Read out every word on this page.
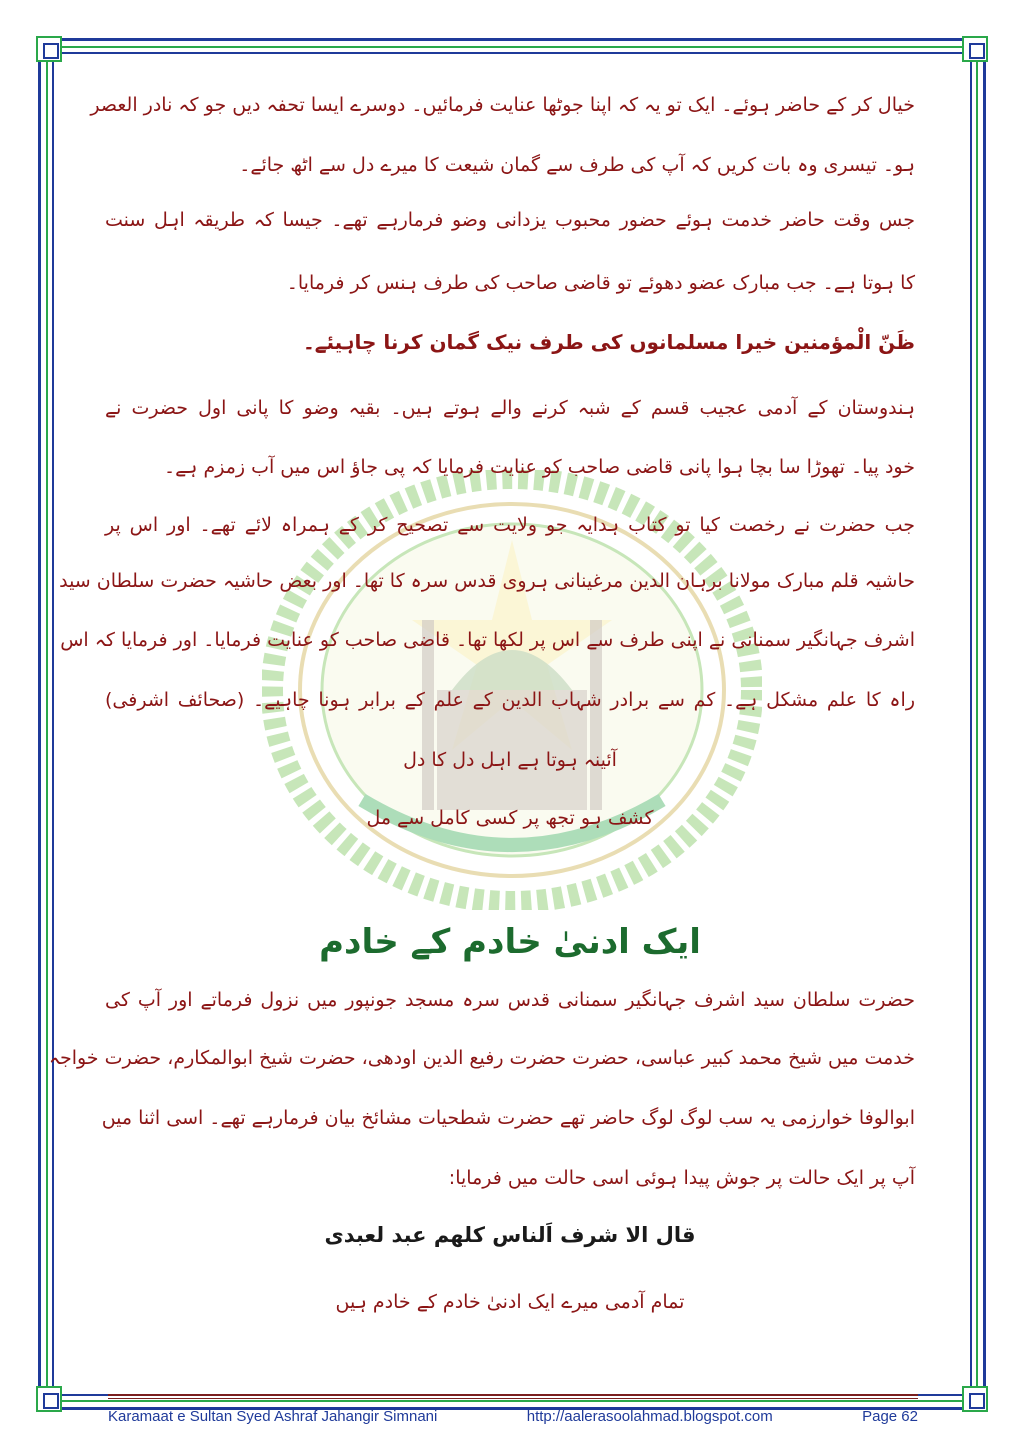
خیال کر کے حاضر ہوئے۔ ایک تو یہ کہ اپنا جوٹھا عنایت فرمائیں۔ دوسرے ایسا تحفہ دیں جو کہ نادر العصر
ہو۔ تیسری وہ بات کریں کہ آپ کی طرف سے گمان شیعت کا میرے دل سے اٹھ جائے۔
جس وقت حاضر خدمت ہوئے حضور محبوب یزدانی وضو فرمارہے تھے۔ جیسا کہ طریقہ اہل سنت
کا ہوتا ہے۔ جب مبارک عضو دھوئے تو قاضی صاحب کی طرف ہنس کر فرمایا۔
ظَنّ الْمؤمنین خیرا مسلمانوں کی طرف نیک گمان کرنا چاہیئے۔
ہندوستان کے آدمی عجیب قسم کے شبہ کرنے والے ہوتے ہیں۔ بقیہ وضو کا پانی اول حضرت نے
خود پیا۔ تھوڑا سا بچا ہوا پانی قاضی صاحب کو عنایت فرمایا کہ پی جاؤ اس میں آب زمزم ہے۔
جب حضرت نے رخصت کیا تو کتاب ہدایہ جو ولایت سے تصحیح کر کے ہمراہ لائے تھے۔ اور اس پر
حاشیہ قلم مبارک مولانا برہان الدین مرغینانی ہروی قدس سرہ کا تھا۔ اور بعض حاشیہ حضرت سلطان سید
اشرف جہانگیر سمنانی نے اپنی طرف سے اس پر لکھا تھا۔ قاضی صاحب کو عنایت فرمایا۔ اور فرمایا کہ اس
راہ کا علم مشکل ہے۔ کم سے برادر شہاب الدین کے علم کے برابر ہونا چاہیے۔ (صحائف اشرفی)
آئینہ ہوتا ہے اہل دل کا دل
کشف ہو تجھ پر کسی کامل سے مل
ایک ادنیٰ خادم کے خادم
حضرت سلطان سید اشرف جہانگیر سمنانی قدس سرہ مسجد جونپور میں نزول فرماتے اور آپ کی
خدمت میں شیخ محمد کبیر عباسی، حضرت حضرت رفیع الدین اودھی، حضرت شیخ ابوالمکارم، حضرت خواجہ
ابوالوفا خوارزمی یہ سب لوگ لوگ حاضر تھے حضرت شطحیات مشائخ بیان فرمارہے تھے۔ اسی اثنا میں
آپ پر ایک حالت پر جوش پیدا ہوئی اسی حالت میں فرمایا:
قال الا شرف اَلناس کلھم عبد لعبدی
تمام آدمی میرے ایک ادنیٰ خادم کے خادم ہیں
Karamaat e Sultan Syed Ashraf Jahangir Simnani	http://aalerasoolahmad.blogspot.com	Page 62
